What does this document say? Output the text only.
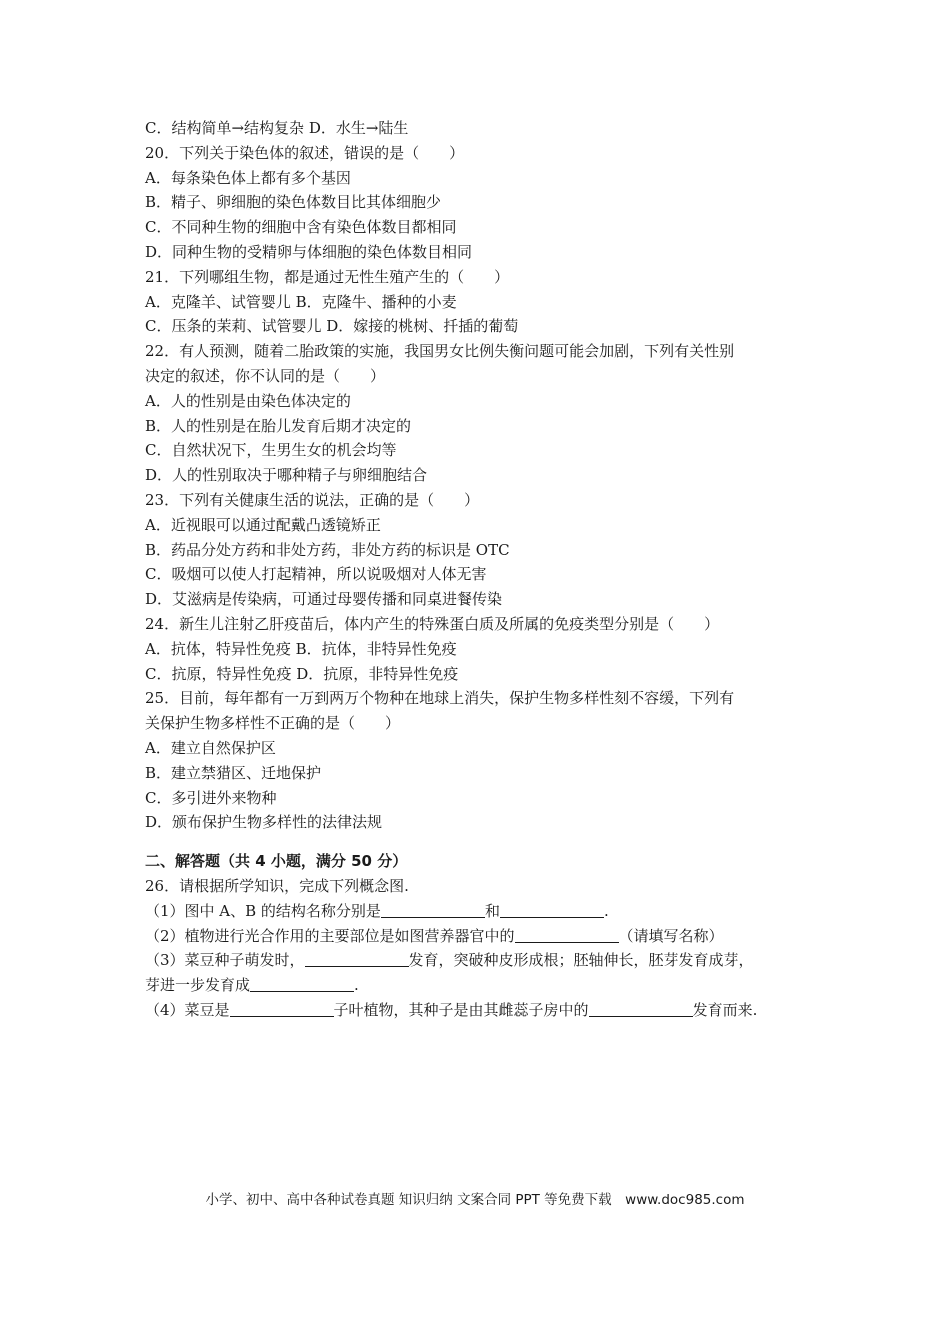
C．结构简单→结构复杂 D．水生→陆生
20．下列关于染色体的叙述，错误的是（　　）
A．每条染色体上都有多个基因
B．精子、卵细胞的染色体数目比其体细胞少
C．不同种生物的细胞中含有染色体数目都相同
D．同种生物的受精卵与体细胞的染色体数目相同
21．下列哪组生物，都是通过无性生殖产生的（　　）
A．克隆羊、试管婴儿 B．克隆牛、播种的小麦
C．压条的茉莉、试管婴儿 D．嫁接的桃树、扦插的葡萄
22．有人预测，随着二胎政策的实施，我国男女比例失衡问题可能会加剧，下列有关性别
决定的叙述，你不认同的是（　　）
A．人的性别是由染色体决定的
B．人的性别是在胎儿发育后期才决定的
C．自然状况下，生男生女的机会均等
D．人的性别取决于哪种精子与卵细胞结合
23．下列有关健康生活的说法，正确的是（　　）
A．近视眼可以通过配戴凸透镜矫正
B．药品分处方药和非处方药，非处方药的标识是 OTC
C．吸烟可以使人打起精神，所以说吸烟对人体无害
D．艾滋病是传染病，可通过母婴传播和同桌进餐传染
24．新生儿注射乙肝疫苗后，体内产生的特殊蛋白质及所属的免疫类型分别是（　　）
A．抗体，特异性免疫 B．抗体，非特异性免疫
C．抗原，特异性免疫 D．抗原，非特异性免疫
25．目前，每年都有一万到两万个物种在地球上消失，保护生物多样性刻不容缓，下列有
关保护生物多样性不正确的是（　　）
A．建立自然保护区
B．建立禁猎区、迁地保护
C．多引进外来物种
D．颁布保护生物多样性的法律法规
二、解答题（共 4 小题，满分 50 分）
26．请根据所学知识，完成下列概念图.
（1）图中 A、B 的结构名称分别是	和	.
（2）植物进行光合作用的主要部位是如图营养器官中的	（请填写名称）
（3）菜豆种子萌发时，	发育，突破种皮形成根；胚轴伸长，胚芽发育成芽，
芽进一步发育成	.
（4）菜豆是	子叶植物，其种子是由其雌蕊子房中的	发育而来.
小学、初中、高中各种试卷真题 知识归纳 文案合同 PPT 等免费下载　www.doc985.com
